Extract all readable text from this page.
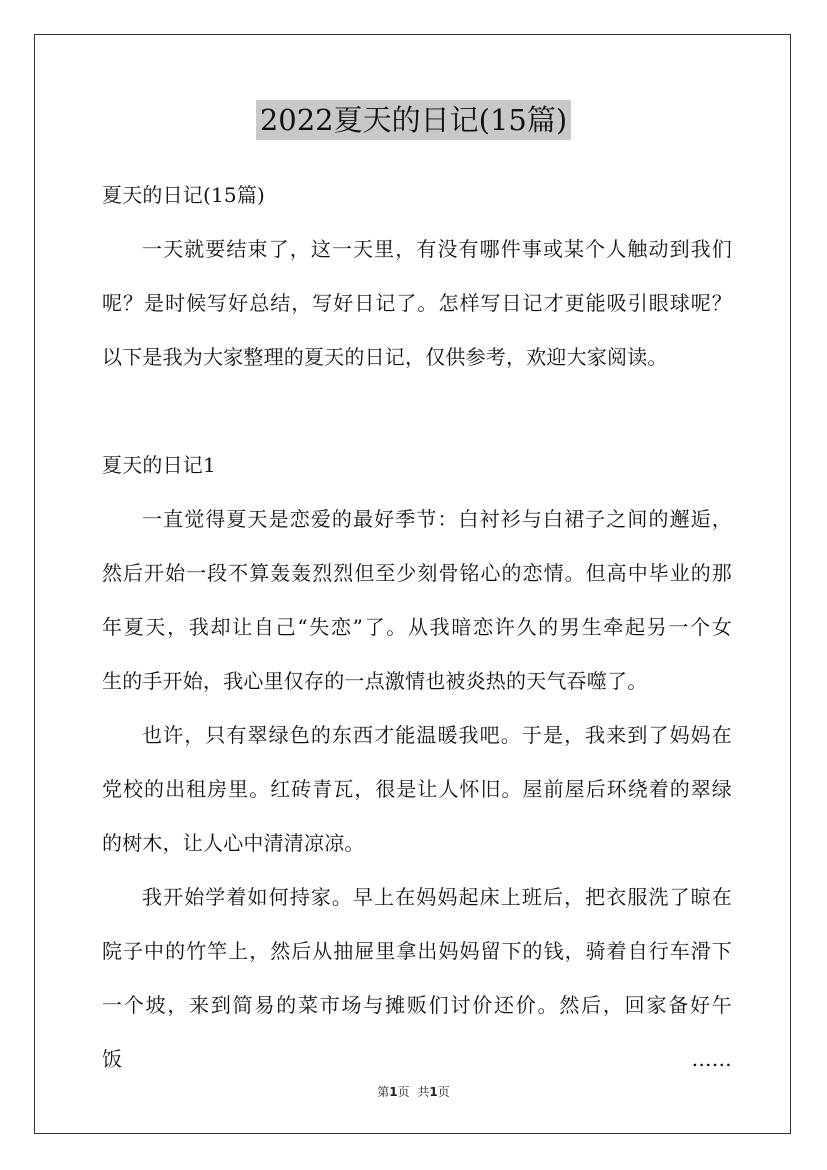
2022夏天的日记(15篇)
夏天的日记(15篇)
一天就要结束了，这一天里，有没有哪件事或某个人触动到我们
呢？是时候写好总结，写好日记了。怎样写日记才更能吸引眼球呢？
以下是我为大家整理的夏天的日记，仅供参考，欢迎大家阅读。
夏天的日记1
一直觉得夏天是恋爱的最好季节：白衬衫与白裙子之间的邂逅，
然后开始一段不算轰轰烈烈但至少刻骨铭心的恋情。但高中毕业的那
年夏天，我却让自己“失恋”了。从我暗恋许久的男生牵起另一个女
生的手开始，我心里仅存的一点激情也被炎热的天气吞噬了。
也许，只有翠绿色的东西才能温暖我吧。于是，我来到了妈妈在
党校的出租房里。红砖青瓦，很是让人怀旧。屋前屋后环绕着的翠绿
的树木，让人心中清清凉凉。
我开始学着如何持家。早上在妈妈起床上班后，把衣服洗了晾在
院子中的竹竿上，然后从抽屉里拿出妈妈留下的钱，骑着自行车滑下
一个坡，来到简易的菜市场与摊贩们讨价还价。然后，回家备好午饭……
第1页 共1页
